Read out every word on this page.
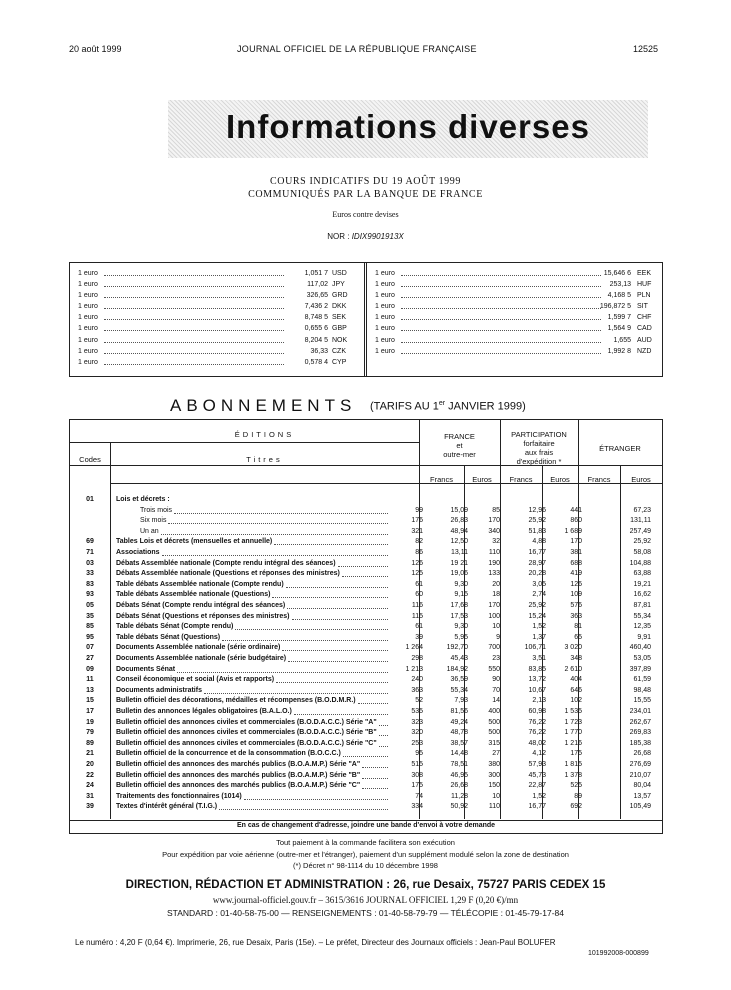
20 août 1999	JOURNAL OFFICIEL DE LA RÉPUBLIQUE FRANÇAISE	12525
Informations diverses
COURS INDICATIFS DU 19 AOÛT 1999
COMMUNIQUÉS PAR LA BANQUE DE FRANCE
Euros contre devises
NOR : IDIX9901913X
1 euro	1,051 7 USD
1 euro	117,02 JPY
1 euro	326,65 GRD
1 euro	7,436 2 DKK
1 euro	8,748 5 SEK
1 euro	0,655 6 GBP
1 euro	8,204 5 NOK
1 euro	36,33 CZK
1 euro	0,578 4 CYP
1 euro	15,646 6 EEK
1 euro	253,13 HUF
1 euro	4,168 5 PLN
1 euro	196,872 5 SIT
1 euro	1,599 7 CHF
1 euro	1,564 9 CAD
1 euro	1,655 AUD
1 euro	1,992 8 NZD
ABONNEMENTS (TARIFS AU 1er JANVIER 1999)
ÉDITIONS
Codes	Titres
FRANCE
et
outre-mer
PARTICIPATION
forfaitaire
aux frais
d'expédition *
ÉTRANGER
Francs	Euros	Francs	Euros	Francs	Euros
01	Lois et décrets :
Trois mois	99	15,09	85	12,96	441	67,23
Six mois	176	26,83	170	25,92	860	131,11
Un an	321	48,94	340	51,83	1 689	257,49
69	Tables Lois et décrets (mensuelles et annuelle)	82	12,50	32	4,88	170	25,92
71	Associations	86	13,11	110	16,77	381	58,08
03	Débats Assemblée nationale (Compte rendu intégral des séances)	126	19 21	190	28,97	688	104,88
33	Débats Assemblée nationale (Questions et réponses des ministres)	125	19,06	133	20,28	419	63,88
83	Table débats Assemblée nationale (Compte rendu)	61	9,30	20	3,05	126	19,21
93	Table débats Assemblée nationale (Questions)	60	9,15	18	2,74	109	16,62
05	Débats Sénat (Compte rendu intégral des séances)	116	17,68	170	25,92	576	87,81
35	Débats Sénat (Questions et réponses des ministres)	115	17,53	100	15,24	363	55,34
85	Table débats Sénat (Compte rendu)	61	9,30	10	1,52	81	12,35
95	Table débats Sénat (Questions)	39	5,95	9	1,37	65	9,91
07	Documents Assemblée nationale (série ordinaire)	1 264	192,70	700	106,71	3 020	460,40
27	Documents Assemblée nationale (série budgétaire)	298	45,43	23	3,51	348	53,05
09	Documents Sénat	1 213	184,92	550	83,85	2 610	397,89
11	Conseil économique et social (Avis et rapports)	240	36,59	90	13,72	404	61,59
13	Documents administratifs	363	55,34	70	10,67	646	98,48
15	Bulletin officiel des décorations, médailles et récompenses (B.O.D.M.R.)	52	7,93	14	2,13	102	15,55
17	Bulletin des annonces légales obligatoires (B.A.L.O.)	535	81,56	400	60,98	1 535	234,01
19	Bulletin officiel des annonces civiles et commerciales (B.O.D.A.C.C.) Série "A"	323	49,24	500	76,22	1 723	262,67
79	Bulletin officiel des annonces civiles et commerciales (B.O.D.A.C.C.) Série "B"	320	48,78	500	76,22	1 770	269,83
89	Bulletin officiel des annonces civiles et commerciales (B.O.D.A.C.C.) Série "C"	253	38,57	315	48,02	1 216	185,38
21	Bulletin officiel de la concurrence et de la consommation (B.O.C.C.)	95	14,48	27	4,12	175	26,68
20	Bulletin officiel des annonces des marchés publics (B.O.A.M.P.) Série "A"	515	78,51	380	57,93	1 815	276,69
22	Bulletin officiel des annonces des marchés publics (B.O.A.M.P.) Série "B"	308	46,95	300	45,73	1 378	210,07
24	Bulletin officiel des annonces des marchés publics (B.O.A.M.P.) Série "C"	175	26,68	150	22,87	525	80,04
31	Traitements des fonctionnaires (1014)	74	11,28	10	1,52	89	13,57
39	Textes d'intérêt général (T.I.G.)	334	50,92	110	16,77	692	105,49
En cas de changement d'adresse, joindre une bande d'envoi à votre demande
Tout paiement à la commande facilitera son exécution
Pour expédition par voie aérienne (outre-mer et l'étranger), paiement d'un supplément modulé selon la zone de destination
(*) Décret n° 98-1114 du 10 décembre 1998
DIRECTION, RÉDACTION ET ADMINISTRATION : 26, rue Desaix, 75727 PARIS CEDEX 15
www.journal-officiel.gouv.fr – 3615/3616 JOURNAL OFFICIEL 1,29 F (0,20 €)/mn
STANDARD : 01-40-58-75-00 — RENSEIGNEMENTS : 01-40-58-79-79 — TÉLÉCOPIE : 01-45-79-17-84
Le numéro : 4,20 F (0,64 €). Imprimerie, 26, rue Desaix, Paris (15e). – Le préfet, Directeur des Journaux officiels : Jean-Paul BOLUFER
101992008-000899
